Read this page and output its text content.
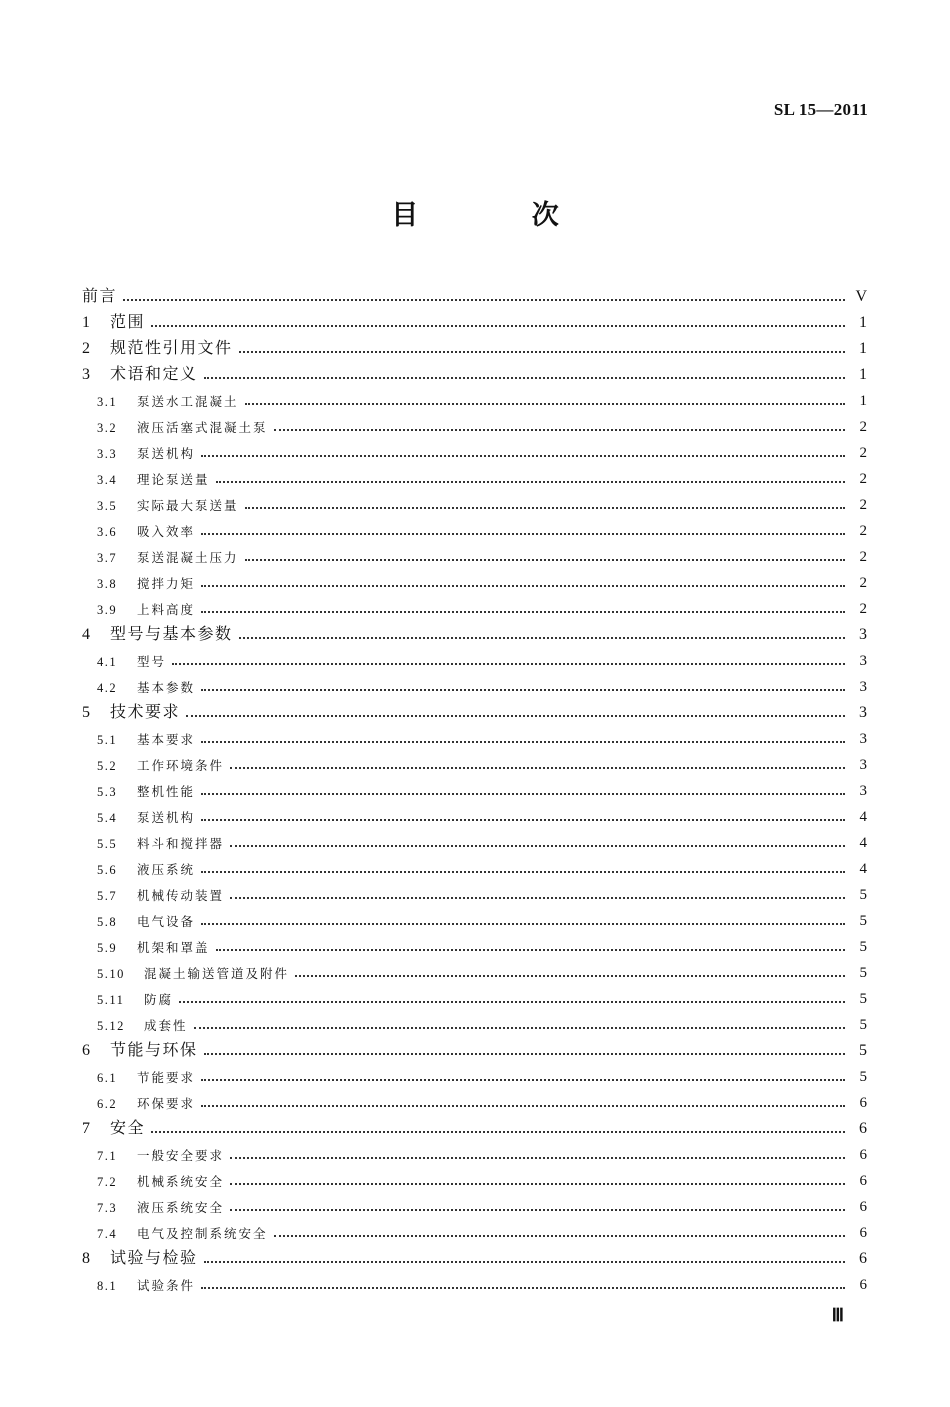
SL 15—2011
目 次
前言	V
1	范围	1
2	规范性引用文件	1
3	术语和定义	1
3.1	泵送水工混凝土	1
3.2	液压活塞式混凝土泵	2
3.3	泵送机构	2
3.4	理论泵送量	2
3.5	实际最大泵送量	2
3.6	吸入效率	2
3.7	泵送混凝土压力	2
3.8	搅拌力矩	2
3.9	上料高度	2
4	型号与基本参数	3
4.1	型号	3
4.2	基本参数	3
5	技术要求	3
5.1	基本要求	3
5.2	工作环境条件	3
5.3	整机性能	3
5.4	泵送机构	4
5.5	料斗和搅拌器	4
5.6	液压系统	4
5.7	机械传动装置	5
5.8	电气设备	5
5.9	机架和罩盖	5
5.10	混凝土输送管道及附件	5
5.11	防腐	5
5.12	成套性	5
6	节能与环保	5
6.1	节能要求	5
6.2	环保要求	6
7	安全	6
7.1	一般安全要求	6
7.2	机械系统安全	6
7.3	液压系统安全	6
7.4	电气及控制系统安全	6
8	试验与检验	6
8.1	试验条件	6
Ⅲ
